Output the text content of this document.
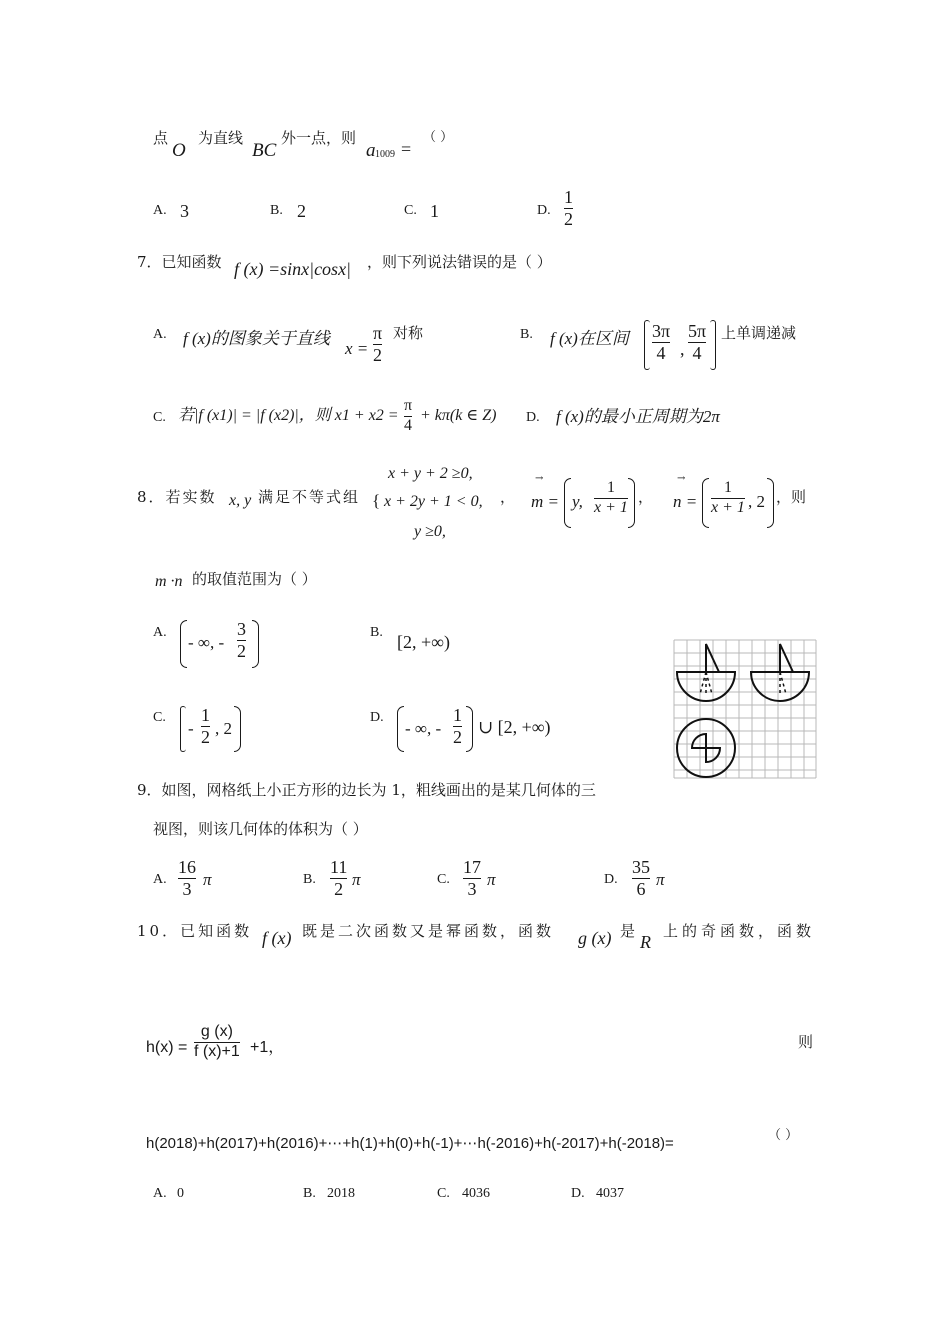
点
O
为直线
BC
外一点，则
a 1009 =
（ ）
A. 3	B. 2	C. 1	D.
1
2
7．已知函数 f (x) =sinx|cosx| ，则下列说法错误的是（ ）
A. f (x)的图象关于直线
x =
π
2
对称	B. f (x)在区间 3π
4 ,
5π
4
上单调递减
C. 若|f (x1)| = |f (x2)|，则 x1 + x2 =
π
4
+ kπ(k ∈ Z) D. f (x)的最小正周期为2π
8．若实数 x, y 满足不等式组
x + y + 2 ≥0,
{ x + 2y + 1 < 0,
y ≥0,
，
→
m = y,
1
x + 1
，
→
n =
1
x + 1 , 2 ，则
m ·n 的取值范围为（ ）
A.
- ∞, -
3
2
B. [2, +∞)
C.
-
1
2 , 2
D.
- ∞, -
1
2 ∪ [2, +∞)
9．如图，网格纸上小正方形的边长为 1，粗线画出的是某几何体的三
视图，则该几何体的体积为（ ）
A.
16
3 π	B.
11
2 π	C.
17
3 π	D.
35
6 π
10．已知函数 f (x) 既是二次函数又是幂函数，函数 g (x) 是
R
上的奇函数，函数
h(x) =
g (x)
f (x)+1 +1，	则
h(2018)+h(2017)+h(2016)+⋯+h(1)+h(0)+h(-1)+⋯h(-2016)+h(-2017)+h(-2018)=	（ ）
A. 0	B. 2018	C. 4036	D. 4037
